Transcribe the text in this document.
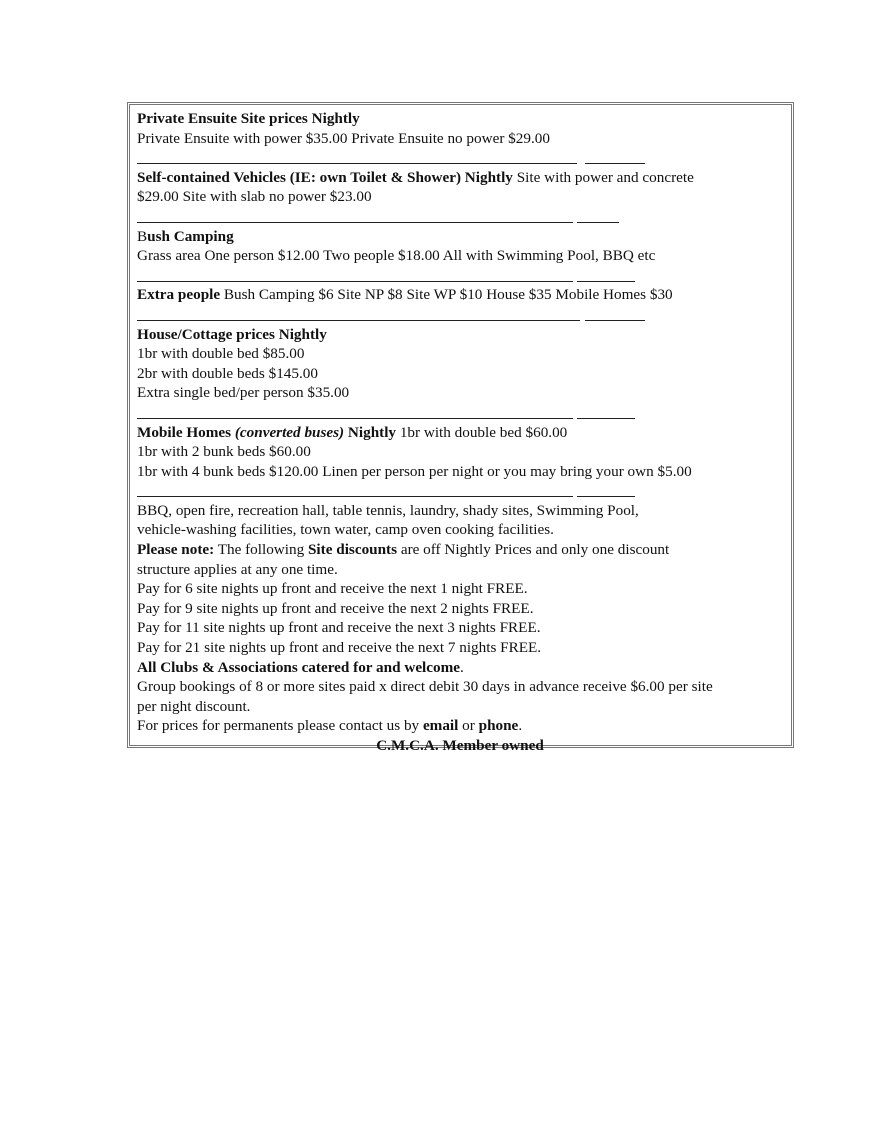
Private Ensuite Site prices Nightly
Private Ensuite with power $35.00 Private Ensuite no power $29.00
Self-contained Vehicles (IE: own Toilet & Shower) Nightly Site with power and concrete
$29.00 Site with slab no power $23.00
Bush Camping
Grass area One person $12.00 Two people $18.00 All with Swimming Pool, BBQ etc
Extra people Bush Camping $6 Site NP $8 Site WP $10 House $35 Mobile Homes $30
House/Cottage prices Nightly
1br with double bed $85.00
2br with double beds $145.00
Extra single bed/per person $35.00
Mobile Homes (converted buses) Nightly 1br with double bed $60.00
1br with 2 bunk beds $60.00
1br with 4 bunk beds $120.00 Linen per person per night or you may bring your own $5.00
BBQ, open fire, recreation hall, table tennis, laundry, shady sites, Swimming Pool,
vehicle-washing facilities, town water, camp oven cooking facilities.
Please note: The following Site discounts are off Nightly Prices and only one discount
structure applies at any one time.
Pay for 6 site nights up front and receive the next 1 night FREE.
Pay for 9 site nights up front and receive the next 2 nights FREE.
Pay for 11 site nights up front and receive the next 3 nights FREE.
Pay for 21 site nights up front and receive the next 7 nights FREE.
All Clubs & Associations catered for and welcome.
Group bookings of 8 or more sites paid x direct debit 30 days in advance receive $6.00 per site
per night discount.
For prices for permanents please contact us by email or phone.
C.M.C.A. Member owned
